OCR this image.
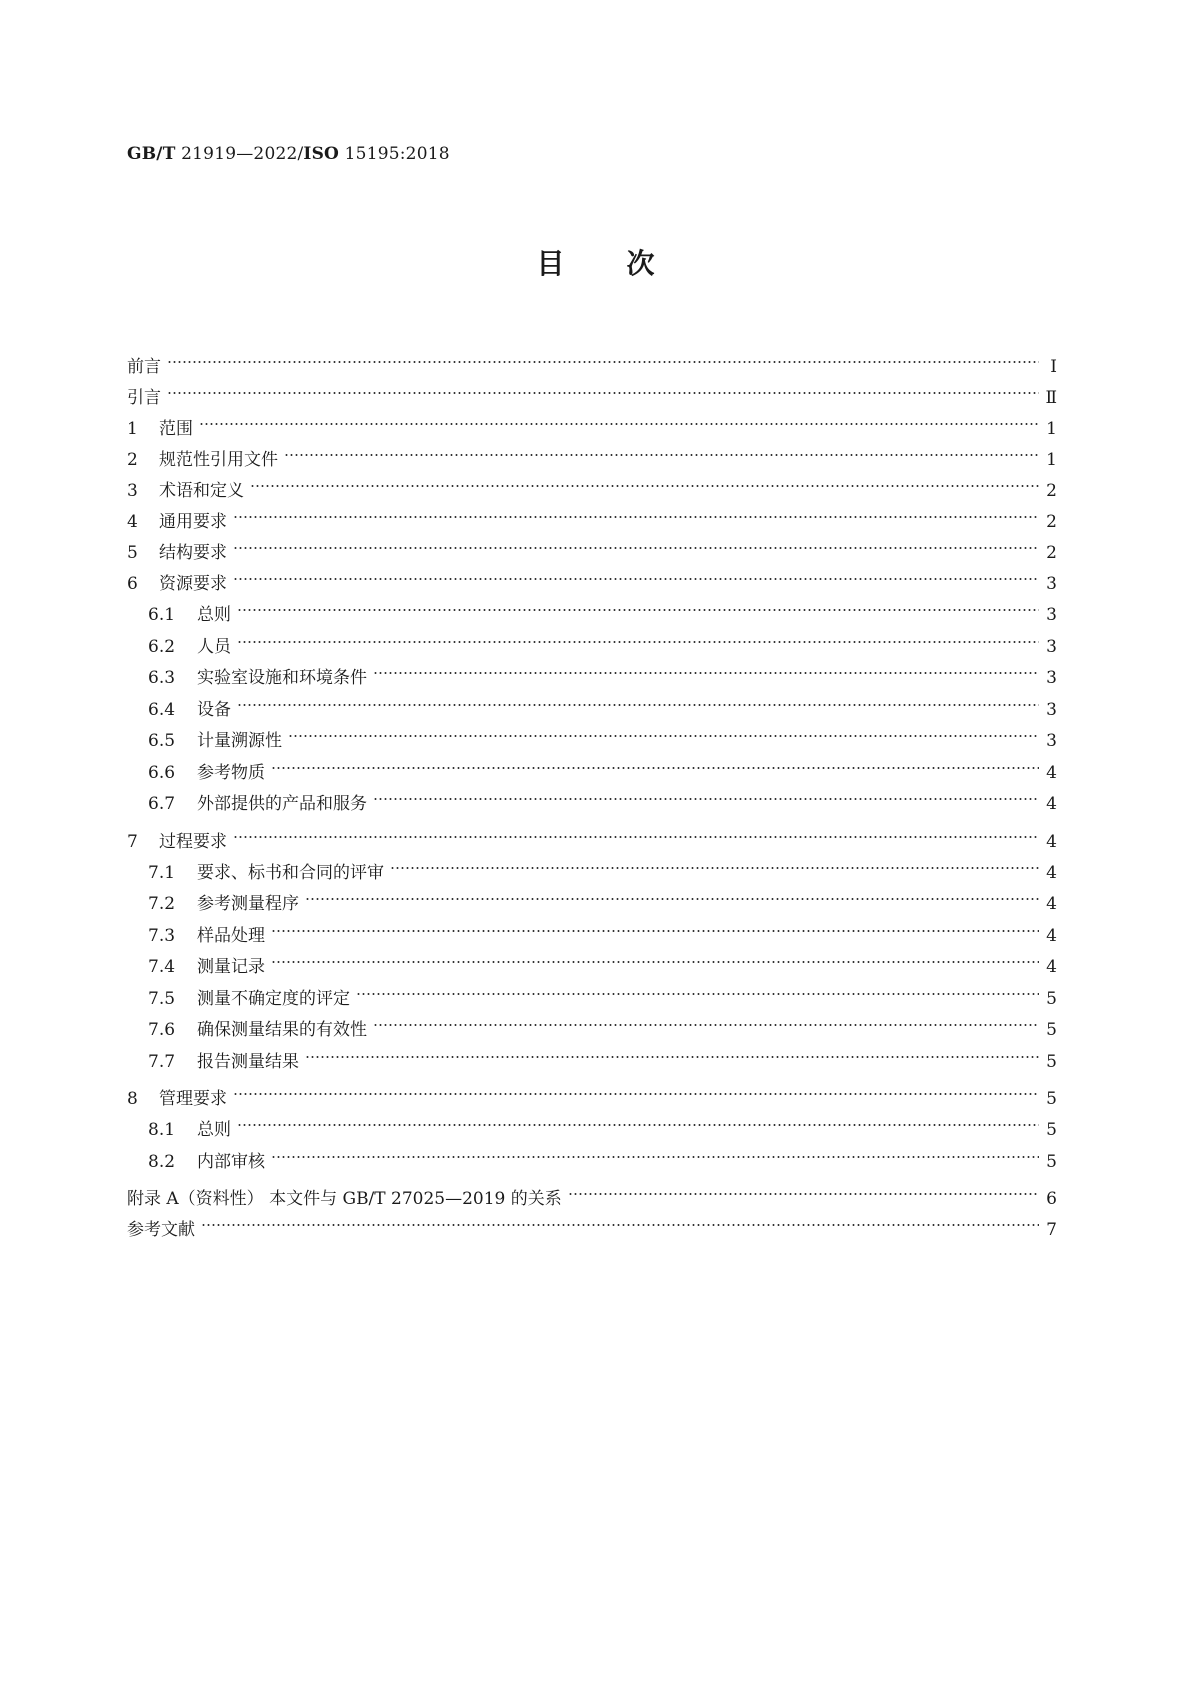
GB/T 21919—2022/ISO 15195:2018
目次
前言	Ⅰ
引言	Ⅱ
1	范围	1
2	规范性引用文件	1
3	术语和定义	2
4	通用要求	2
5	结构要求	2
6	资源要求	3
6.1	总则	3
6.2	人员	3
6.3	实验室设施和环境条件	3
6.4	设备	3
6.5	计量溯源性	3
6.6	参考物质	4
6.7	外部提供的产品和服务	4
7	过程要求	4
7.1	要求、标书和合同的评审	4
7.2	参考测量程序	4
7.3	样品处理	4
7.4	测量记录	4
7.5	测量不确定度的评定	5
7.6	确保测量结果的有效性	5
7.7	报告测量结果	5
8	管理要求	5
8.1	总则	5
8.2	内部审核	5
附录 A（资料性） 本文件与 GB/T 27025—2019 的关系	6
参考文献	7
